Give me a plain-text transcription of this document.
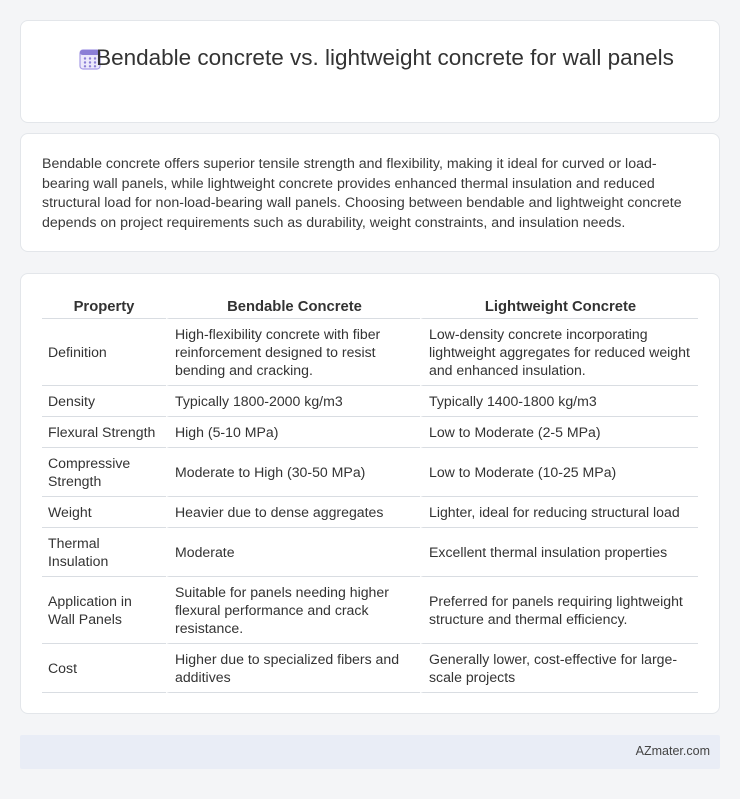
Bendable concrete vs. lightweight concrete for wall panels

Bendable concrete offers superior tensile strength and flexibility, making it ideal for curved or load-bearing wall panels, while lightweight concrete provides enhanced thermal insulation and reduced structural load for non-load-bearing wall panels. Choosing between bendable and lightweight concrete depends on project requirements such as durability, weight constraints, and insulation needs.

Property	Bendable Concrete	Lightweight Concrete
Definition	High-flexibility concrete with fiber reinforcement designed to resist bending and cracking.	Low-density concrete incorporating lightweight aggregates for reduced weight and enhanced insulation.
Density	Typically 1800-2000 kg/m3	Typically 1400-1800 kg/m3
Flexural Strength	High (5-10 MPa)	Low to Moderate (2-5 MPa)
Compressive Strength	Moderate to High (30-50 MPa)	Low to Moderate (10-25 MPa)
Weight	Heavier due to dense aggregates	Lighter, ideal for reducing structural load
Thermal Insulation	Moderate	Excellent thermal insulation properties
Application in Wall Panels	Suitable for panels needing higher flexural performance and crack resistance.	Preferred for panels requiring lightweight structure and thermal efficiency.
Cost	Higher due to specialized fibers and additives	Generally lower, cost-effective for large-scale projects
AZmater.com
